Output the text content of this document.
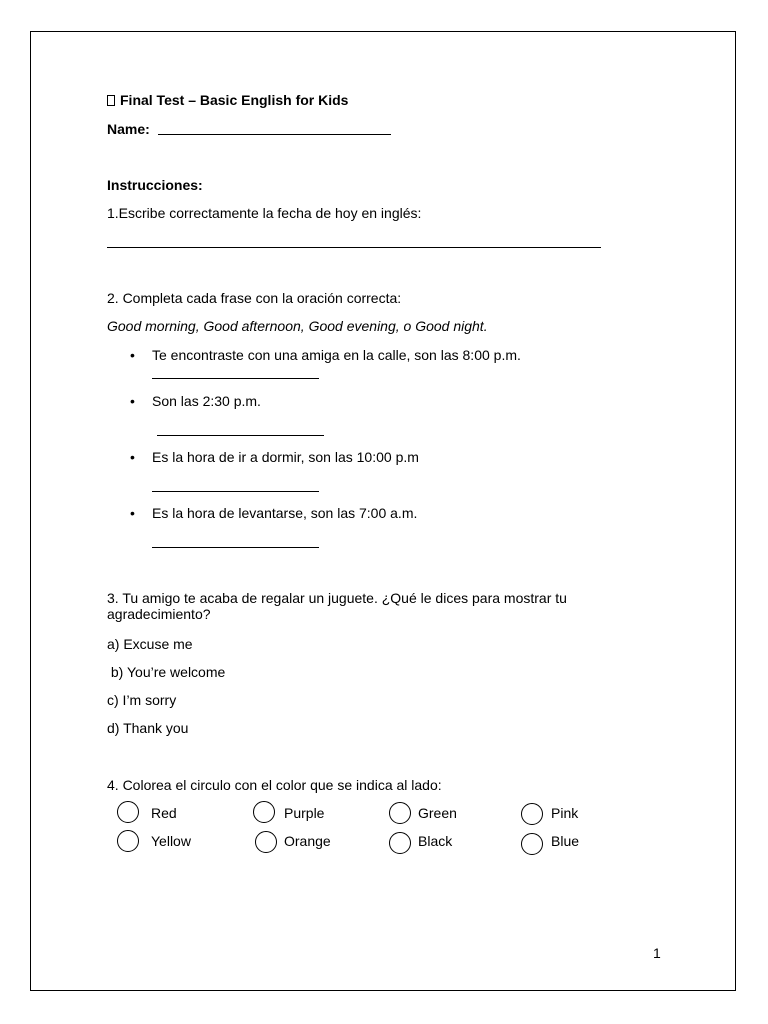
Final Test – Basic English for Kids
Name:
Instrucciones:
1.Escribe correctamente la fecha de hoy en inglés:
2. Completa cada frase con la oración correcta:
Good morning, Good afternoon, Good evening, o Good night.
• Te encontraste con una amiga en la calle, son las 8:00 p.m.
• Son las 2:30 p.m.
• Es la hora de ir a dormir, son las 10:00 p.m
• Es la hora de levantarse, son las 7:00 a.m.
3. Tu amigo te acaba de regalar un juguete. ¿Qué le dices para mostrar tu
agradecimiento?
a) Excuse me
b) You’re welcome
c) I’m sorry
d) Thank you
4. Colorea el circulo con el color que se indica al lado:
Red	Purple	Green	Pink
Yellow	Orange	Black	Blue
1
